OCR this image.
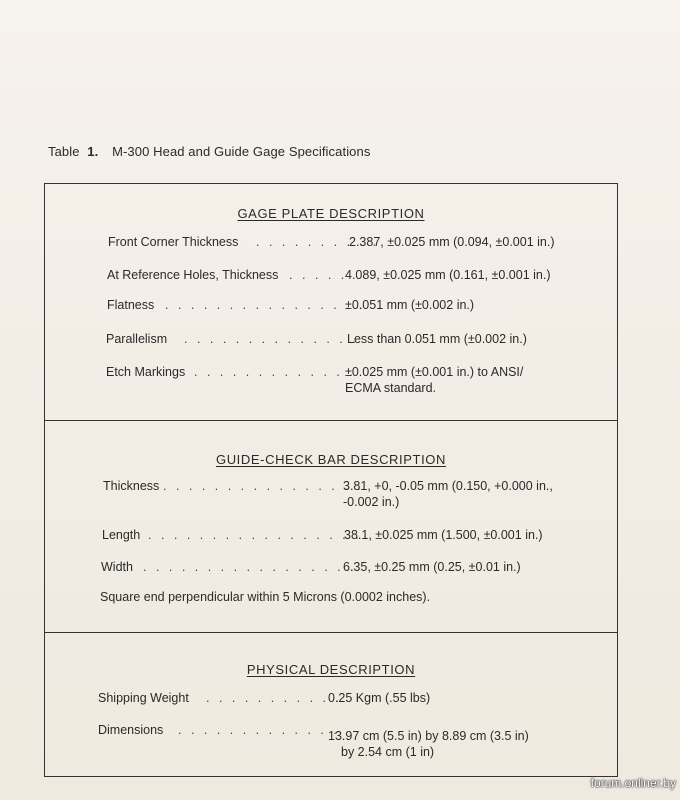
Table 1. M-300 Head and Guide Gage Specifications
GAGE PLATE DESCRIPTION
Front Corner Thickness . . . . . . . . . .
2.387, ±0.025 mm (0.094, ±0.001 in.)
At Reference Holes, Thickness . . . . .
4.089, ±0.025 mm (0.161, ±0.001 in.)
Flatness . . . . . . . . . . . . . . . .
±0.051 mm (±0.002 in.)
Parallelism . . . . . . . . . . . . . .
Less than 0.051 mm (±0.002 in.)
Etch Markings . . . . . . . . . . . . .
±0.025 mm (±0.001 in.) to ANSI/
ECMA standard.
GUIDE-CHECK BAR DESCRIPTION
Thickness . . . . . . . . . . . . . . . .
3.81, +0, -0.05 mm (0.150, +0.000 in.,
-0.002 in.)
Length . . . . . . . . . . . . . . . . .
38.1, ±0.025 mm (1.500, ±0.001 in.)
Width . . . . . . . . . . . . . . . . .
6.35, ±0.25 mm (0.25, ±0.01 in.)
Square end perpendicular within 5 Microns (0.0002 inches).
PHYSICAL DESCRIPTION
Shipping Weight . . . . . . . . . . .
0.25 Kgm (.55 lbs)
Dimensions . . . . . . . . . . . . .
13.97 cm (5.5 in) by 8.89 cm (3.5 in)
by 2.54 cm (1 in)
forum.onliner.by
